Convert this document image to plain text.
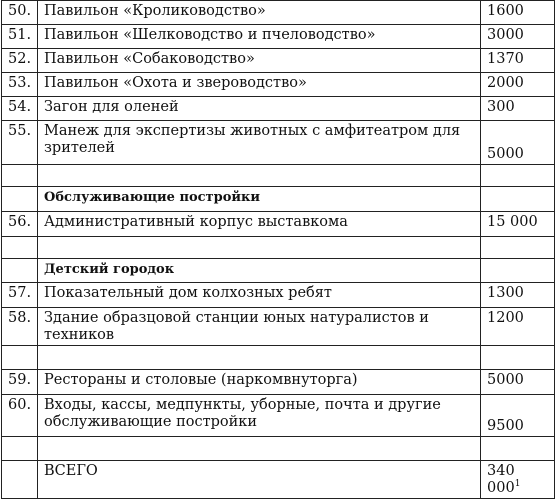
50.	Павильон «Кролиководство»	1600
51.	Павильон «Шелководство и пчеловодство»	3000
52.	Павильон «Собаководство»	1370
53.	Павильон «Охота и звероводство»	2000
54.	Загон для оленей	300
55.	Манеж для экспертизы животных с амфитеатром для зрителей	5000

	Обслуживающие постройки	
56.	Административный корпус выставкома	15 000

	Детский городок	
57.	Показательный дом колхозных ребят	1300
58.	Здание образцовой станции юных натуралистов и техников	1200

59.	Рестораны и столовые (наркомвнуторга)	5000
60.	Входы, кассы, медпункты, уборные, почта и другие обслуживающие постройки	9500

	ВСЕГО	340 $000^1$
